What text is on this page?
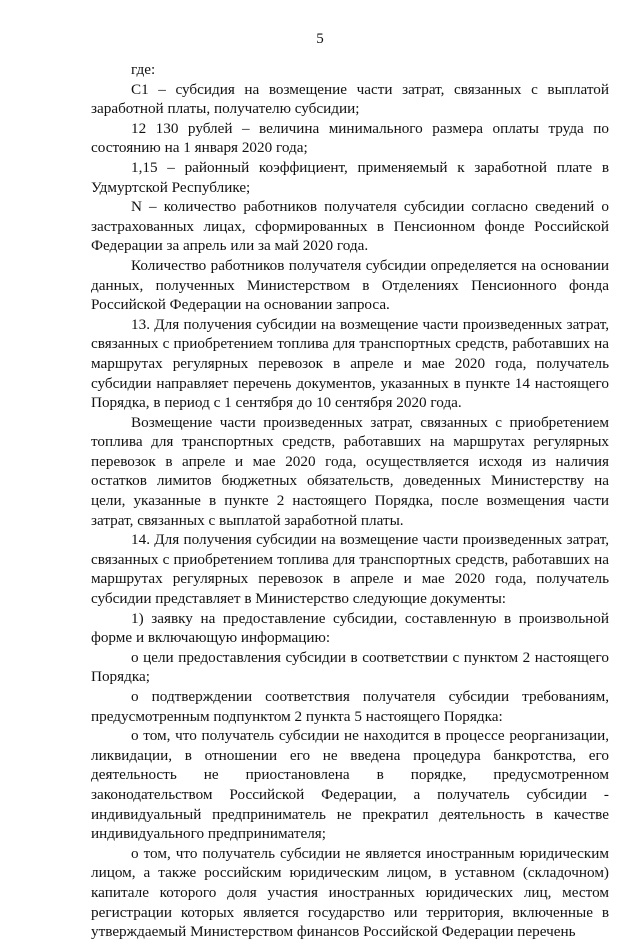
5

где:

С1 – субсидия на возмещение части затрат, связанных с выплатой заработной платы, получателю субсидии;

12 130 рублей – величина минимального размера оплаты труда по состоянию на 1 января 2020 года;

1,15 – районный коэффициент, применяемый к заработной плате в Удмуртской Республике;

N – количество работников получателя субсидии согласно сведений о застрахованных лицах, сформированных в Пенсионном фонде Российской Федерации за апрель или за май 2020 года.

Количество работников получателя субсидии определяется на основании данных, полученных Министерством в Отделениях Пенсионного фонда Российской Федерации на основании запроса.

13. Для получения субсидии на возмещение части произведенных затрат, связанных с приобретением топлива для транспортных средств, работавших на маршрутах регулярных перевозок в апреле и мае 2020 года, получатель субсидии направляет перечень документов, указанных в пункте 14 настоящего Порядка, в период с 1 сентября до 10 сентября 2020 года.

Возмещение части произведенных затрат, связанных с приобретением топлива для транспортных средств, работавших на маршрутах регулярных перевозок в апреле и мае 2020 года, осуществляется исходя из наличия остатков лимитов бюджетных обязательств, доведенных Министерству на цели, указанные в пункте 2 настоящего Порядка, после возмещения части затрат, связанных с выплатой заработной платы.

14. Для получения субсидии на возмещение части произведенных затрат, связанных с приобретением топлива для транспортных средств, работавших на маршрутах регулярных перевозок в апреле и мае 2020 года, получатель субсидии представляет в Министерство следующие документы:

1) заявку на предоставление субсидии, составленную в произвольной форме и включающую информацию:

о цели предоставления субсидии в соответствии с пунктом 2 настоящего Порядка;

о подтверждении соответствия получателя субсидии требованиям, предусмотренным подпунктом 2 пункта 5 настоящего Порядка:

о том, что получатель субсидии не находится в процессе реорганизации, ликвидации, в отношении его не введена процедура банкротства, его деятельность не приостановлена в порядке, предусмотренном законодательством Российской Федерации, а получатель субсидии - индивидуальный предприниматель не прекратил деятельность в качестве индивидуального предпринимателя;

о том, что получатель субсидии не является иностранным юридическим лицом, а также российским юридическим лицом, в уставном (складочном) капитале которого доля участия иностранных юридических лиц, местом регистрации которых является государство или территория, включенные в утверждаемый Министерством финансов Российской Федерации перечень
